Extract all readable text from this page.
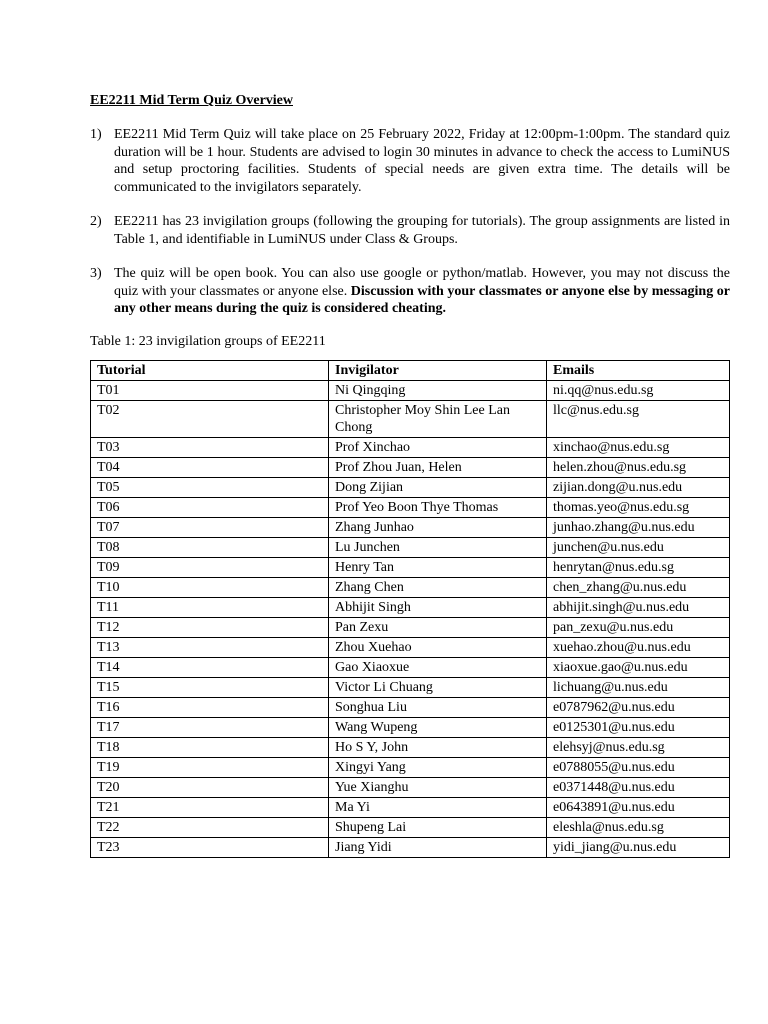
EE2211 Mid Term Quiz Overview
1) EE2211 Mid Term Quiz will take place on 25 February 2022, Friday at 12:00pm-1:00pm. The standard quiz duration will be 1 hour. Students are advised to login 30 minutes in advance to check the access to LumiNUS and setup proctoring facilities. Students of special needs are given extra time. The details will be communicated to the invigilators separately.
2) EE2211 has 23 invigilation groups (following the grouping for tutorials). The group assignments are listed in Table 1, and identifiable in LumiNUS under Class & Groups.
3) The quiz will be open book. You can also use google or python/matlab. However, you may not discuss the quiz with your classmates or anyone else. Discussion with your classmates or anyone else by messaging or any other means during the quiz is considered cheating.
Table 1: 23 invigilation groups of EE2211
Tutorial	Invigilator	Emails
T01	Ni Qingqing	ni.qq@nus.edu.sg
T02	Christopher Moy Shin Lee Lan Chong	llc@nus.edu.sg
T03	Prof Xinchao	xinchao@nus.edu.sg
T04	Prof Zhou Juan, Helen	helen.zhou@nus.edu.sg
T05	Dong Zijian	zijian.dong@u.nus.edu
T06	Prof Yeo Boon Thye Thomas	thomas.yeo@nus.edu.sg
T07	Zhang Junhao	junhao.zhang@u.nus.edu
T08	Lu Junchen	junchen@u.nus.edu
T09	Henry Tan	henrytan@nus.edu.sg
T10	Zhang Chen	chen_zhang@u.nus.edu
T11	Abhijit Singh	abhijit.singh@u.nus.edu
T12	Pan Zexu	pan_zexu@u.nus.edu
T13	Zhou Xuehao	xuehao.zhou@u.nus.edu
T14	Gao Xiaoxue	xiaoxue.gao@u.nus.edu
T15	Victor Li Chuang	lichuang@u.nus.edu
T16	Songhua Liu	e0787962@u.nus.edu
T17	Wang Wupeng	e0125301@u.nus.edu
T18	Ho S Y, John	elehsyj@nus.edu.sg
T19	Xingyi Yang	e0788055@u.nus.edu
T20	Yue Xianghu	e0371448@u.nus.edu
T21	Ma Yi	e0643891@u.nus.edu
T22	Shupeng Lai	eleshla@nus.edu.sg
T23	Jiang Yidi	yidi_jiang@u.nus.edu
